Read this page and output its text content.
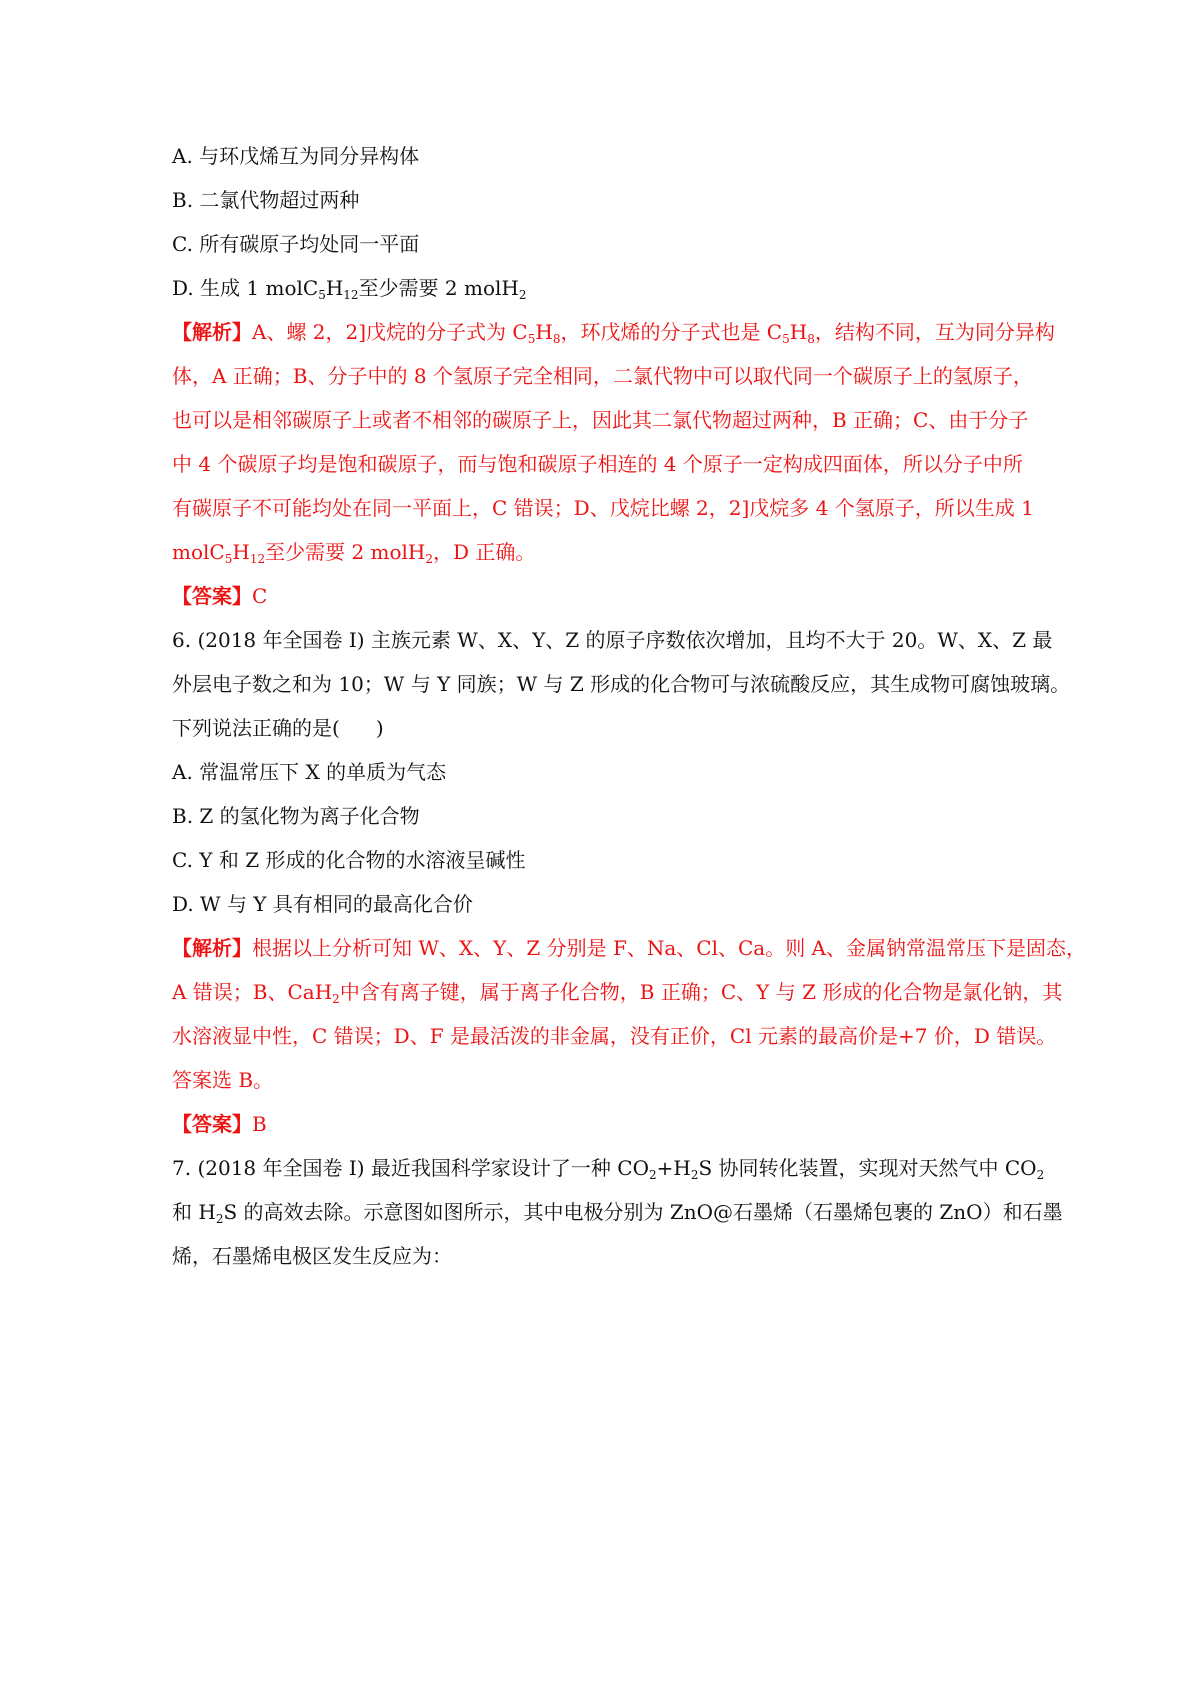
A. 与环戊烯互为同分异构体
B. 二氯代物超过两种
C. 所有碳原子均处同一平面
D. 生成 1 $molC_5H_{12}$至少需要 2 molH$_2$
【解析】A、螺 2，2]戊烷的分子式为 $C_5H_8$，环戊烯的分子式也是 $C_5H_8$，结构不同，互为同分异构
体，A 正确；B、分子中的 8 个氢原子完全相同，二氯代物中可以取代同一个碳原子上的氢原子，
也可以是相邻碳原子上或者不相邻的碳原子上，因此其二氯代物超过两种，B 正确；C、由于分子
中 4 个碳原子均是饱和碳原子，而与饱和碳原子相连的 4 个原子一定构成四面体，所以分子中所
有碳原子不可能均处在同一平面上，C 错误；D、戊烷比螺 2，2]戊烷多 4 个氢原子，所以生成 1
$molC_5H_{12}$至少需要 2 molH$_2$，D 正确。
【答案】C
6. (2018 年全国卷 I) 主族元素 W、X、Y、Z 的原子序数依次增加，且均不大于 20。W、X、Z 最
外层电子数之和为 10；W 与 Y 同族；W 与 Z 形成的化合物可与浓硫酸反应，其生成物可腐蚀玻璃。
下列说法正确的是( )
A. 常温常压下 X 的单质为气态
B. Z 的氢化物为离子化合物
C. Y 和 Z 形成的化合物的水溶液呈碱性
D. W 与 Y 具有相同的最高化合价
【解析】根据以上分析可知 W、X、Y、Z 分别是 F、Na、Cl、Ca。则 A、金属钠常温常压下是固态，
A 错误；B、CaH$_2$中含有离子键，属于离子化合物，B 正确；C、Y 与 Z 形成的化合物是氯化钠，其
水溶液显中性，C 错误；D、F 是最活泼的非金属，没有正价，Cl 元素的最高价是+7 价，D 错误。
答案选 B。
【答案】B
7. (2018 年全国卷 I) 最近我国科学家设计了一种 $CO_2+H_2S$ 协同转化装置，实现对天然气中 $CO_2$
和 $H_2S$ 的高效去除。示意图如图所示，其中电极分别为 ZnO@石墨烯（石墨烯包裹的 ZnO）和石墨
烯，石墨烯电极区发生反应为：
